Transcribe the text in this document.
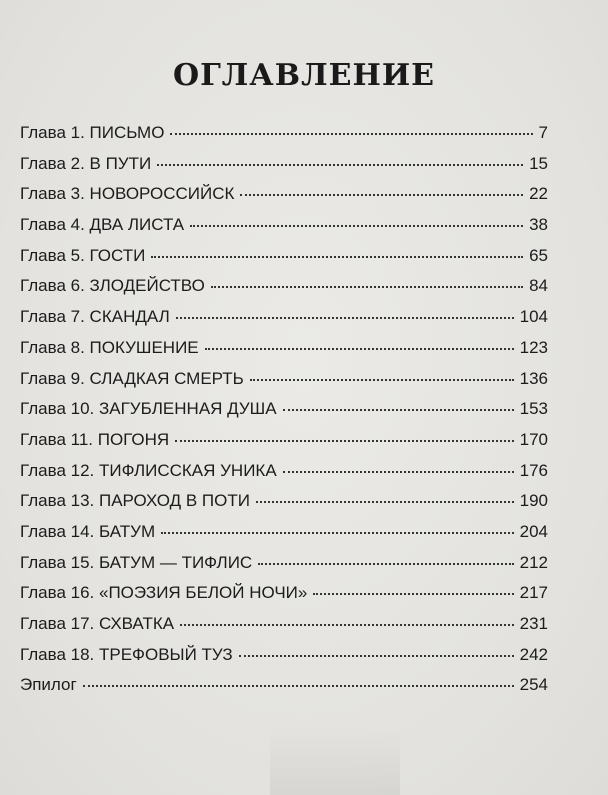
ОГЛАВЛЕНИЕ
Глава 1. ПИСЬМО	7
Глава 2. В ПУТИ	15
Глава 3. НОВОРОССИЙСК	22
Глава 4. ДВА ЛИСТА	38
Глава 5. ГОСТИ	65
Глава 6. ЗЛОДЕЙСТВО	84
Глава 7. СКАНДАЛ	104
Глава 8. ПОКУШЕНИЕ	123
Глава 9. СЛАДКАЯ СМЕРТЬ	136
Глава 10. ЗАГУБЛЕННАЯ ДУША	153
Глава 11. ПОГОНЯ	170
Глава 12. ТИФЛИССКАЯ УНИКА	176
Глава 13. ПАРОХОД В ПОТИ	190
Глава 14. БАТУМ	204
Глава 15. БАТУМ — ТИФЛИС	212
Глава 16. «ПОЭЗИЯ БЕЛОЙ НОЧИ»	217
Глава 17. СХВАТКА	231
Глава 18. ТРЕФОВЫЙ ТУЗ	242
Эпилог	254
